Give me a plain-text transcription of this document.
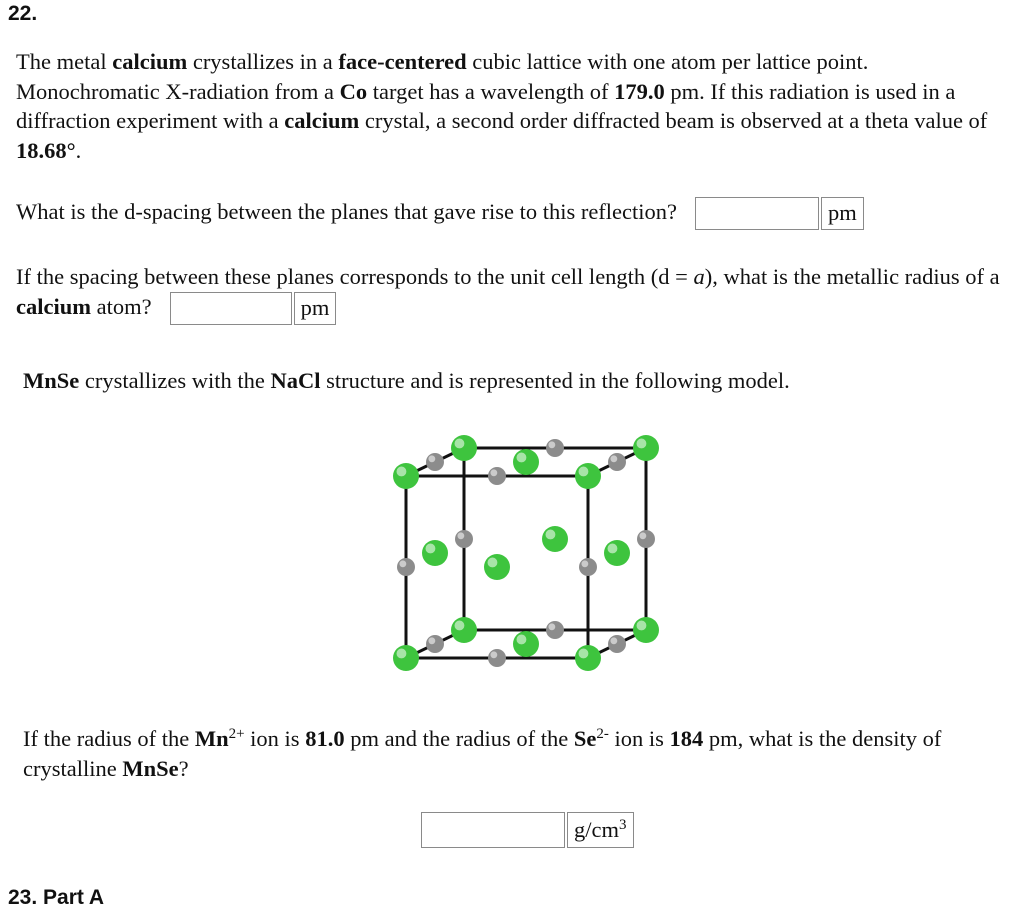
22.
The metal calcium crystallizes in a face-centered cubic lattice with one atom per lattice point. Monochromatic X-radiation from a Co target has a wavelength of 179.0 pm. If this radiation is used in a diffraction experiment with a calcium crystal, a second order diffracted beam is observed at a theta value of 18.68°.
What is the d-spacing between the planes that gave rise to this reflection?	pm
If the spacing between these planes corresponds to the unit cell length (d = a), what is the metallic radius of a calcium atom?	pm
MnSe crystallizes with the NaCl structure and is represented in the following model.
If the radius of the $Mn^{2+}$ ion is 81.0 pm and the radius of the $Se^{2-}$ ion is 184 pm, what is the density of crystalline MnSe?
$g/cm^3$
23. Part A
